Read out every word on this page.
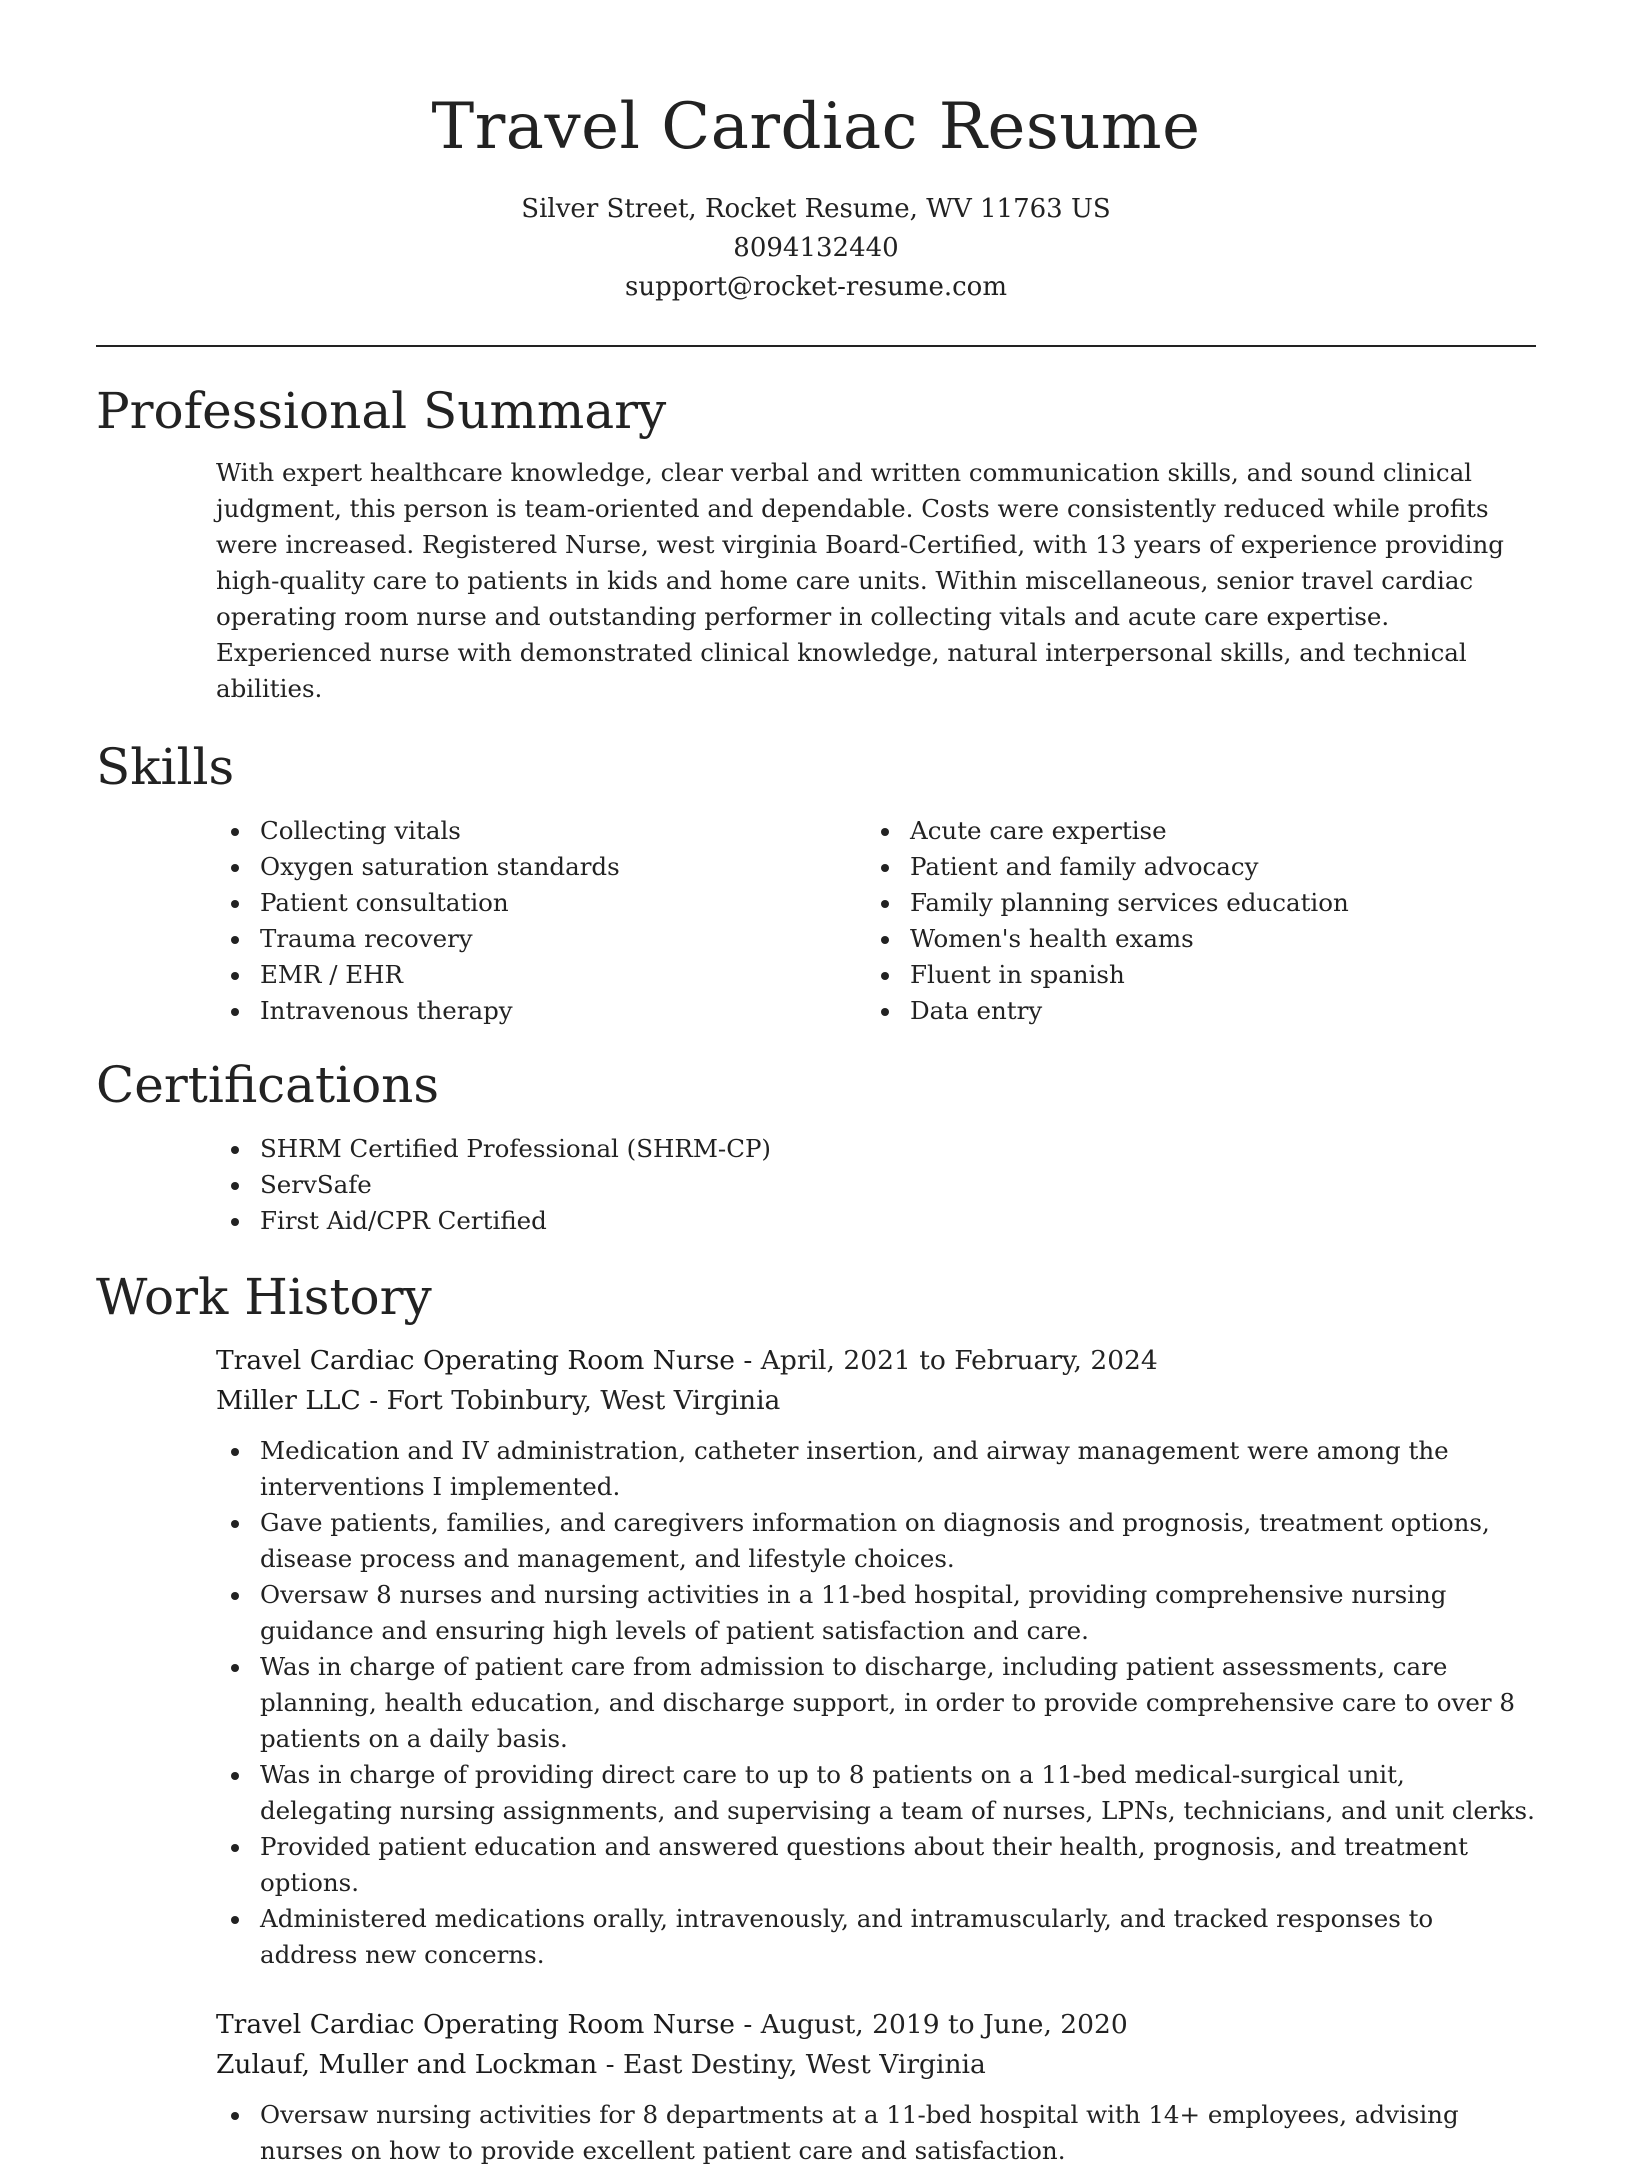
Travel Cardiac Resume
Silver Street, Rocket Resume, WV 11763 US
8094132440
support@rocket-resume.com
Professional Summary

With expert healthcare knowledge, clear verbal and written communication skills, and sound clinical judgment, this person is team-oriented and dependable. Costs were consistently reduced while profits were increased. Registered Nurse, west virginia Board-Certified, with 13 years of experience providing high-quality care to patients in kids and home care units. Within miscellaneous, senior travel cardiac operating room nurse and outstanding performer in collecting vitals and acute care expertise. Experienced nurse with demonstrated clinical knowledge, natural interpersonal skills, and technical abilities.

Skills
Collecting vitals
Oxygen saturation standards
Patient consultation
Trauma recovery
EMR / EHR
Intravenous therapy
Acute care expertise
Patient and family advocacy
Family planning services education
Women's health exams
Fluent in spanish
Data entry
Certifications
SHRM Certified Professional (SHRM-CP)
ServSafe
First Aid/CPR Certified
Work History
Travel Cardiac Operating Room Nurse - April, 2021 to February, 2024
Miller LLC - Fort Tobinbury, West Virginia
Medication and IV administration, catheter insertion, and airway management were among the interventions I implemented.
Gave patients, families, and caregivers information on diagnosis and prognosis, treatment options, disease process and management, and lifestyle choices.
Oversaw 8 nurses and nursing activities in a 11-bed hospital, providing comprehensive nursing guidance and ensuring high levels of patient satisfaction and care.
Was in charge of patient care from admission to discharge, including patient assessments, care planning, health education, and discharge support, in order to provide comprehensive care to over 8 patients on a daily basis.
Was in charge of providing direct care to up to 8 patients on a 11-bed medical-surgical unit, delegating nursing assignments, and supervising a team of nurses, LPNs, technicians, and unit clerks.
Provided patient education and answered questions about their health, prognosis, and treatment options.
Administered medications orally, intravenously, and intramuscularly, and tracked responses to address new concerns.
Travel Cardiac Operating Room Nurse - August, 2019 to June, 2020
Zulauf, Muller and Lockman - East Destiny, West Virginia
Oversaw nursing activities for 8 departments at a 11-bed hospital with 14+ employees, advising nurses on how to provide excellent patient care and satisfaction.
